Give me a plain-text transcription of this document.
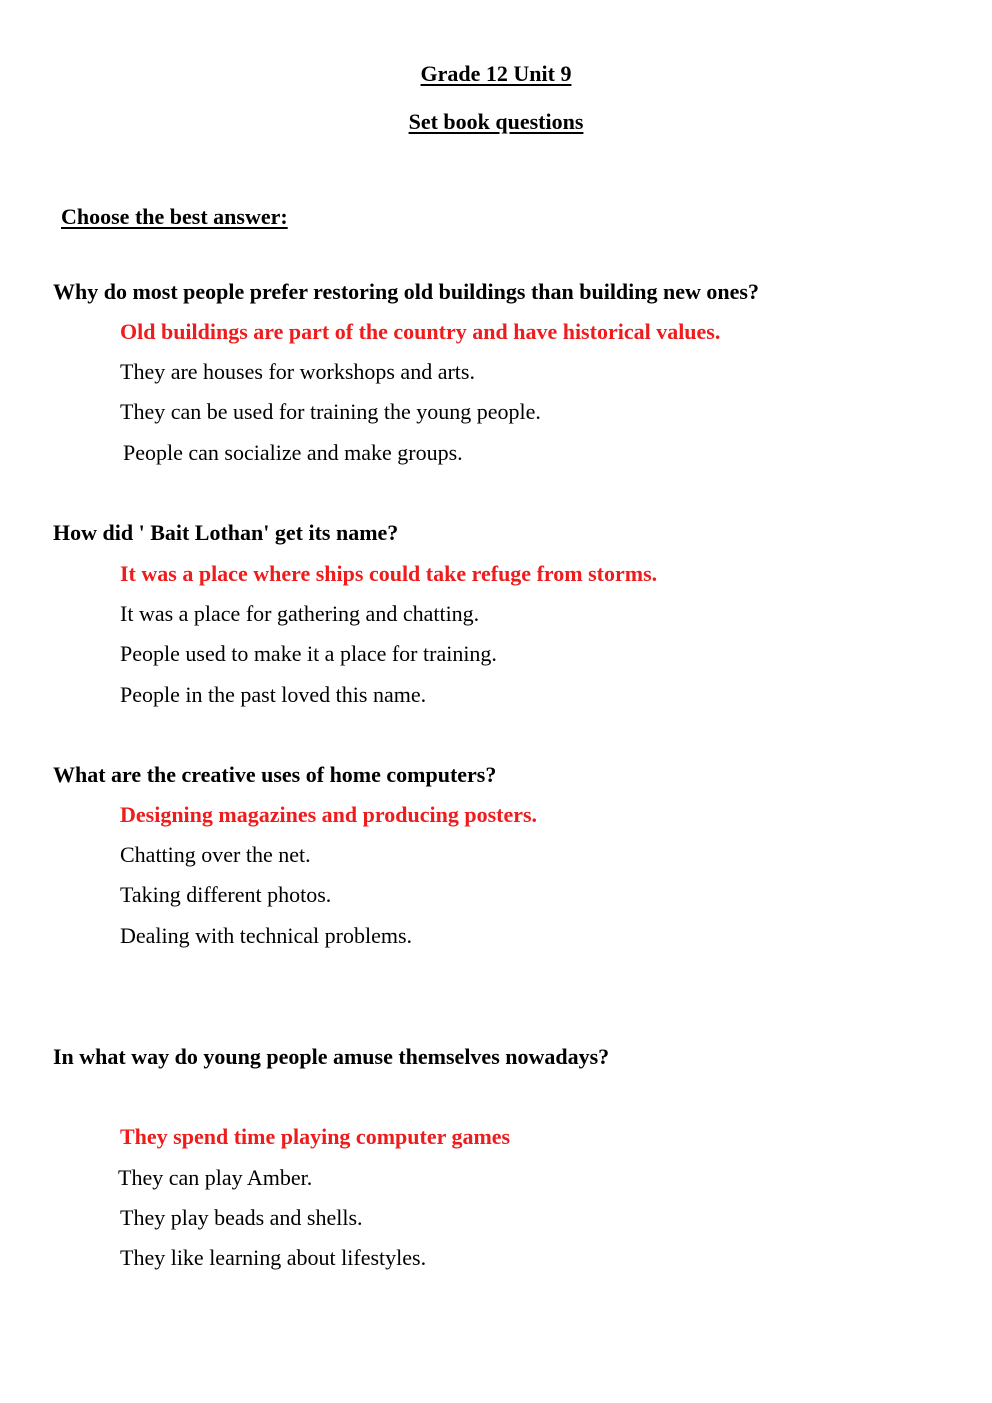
Grade 12 Unit 9
Set book questions
Choose the best answer:
Why do most people prefer restoring old buildings than building new ones?
Old buildings are part of the country and have historical values.
They are houses for workshops and arts.
They can be used for training the young people.
People can socialize and make groups.
How did ' Bait Lothan' get its name?
It was a place where ships could take refuge from storms.
It was a place for gathering and chatting.
People used to make it a place for training.
People in the past loved this name.
What are the creative uses of home computers?
Designing magazines and producing posters.
Chatting over the net.
Taking different photos.
Dealing with technical problems.
In what way do young people amuse themselves nowadays?
They spend time playing computer games
They can play Amber.
They play beads and shells.
They like learning about lifestyles.
